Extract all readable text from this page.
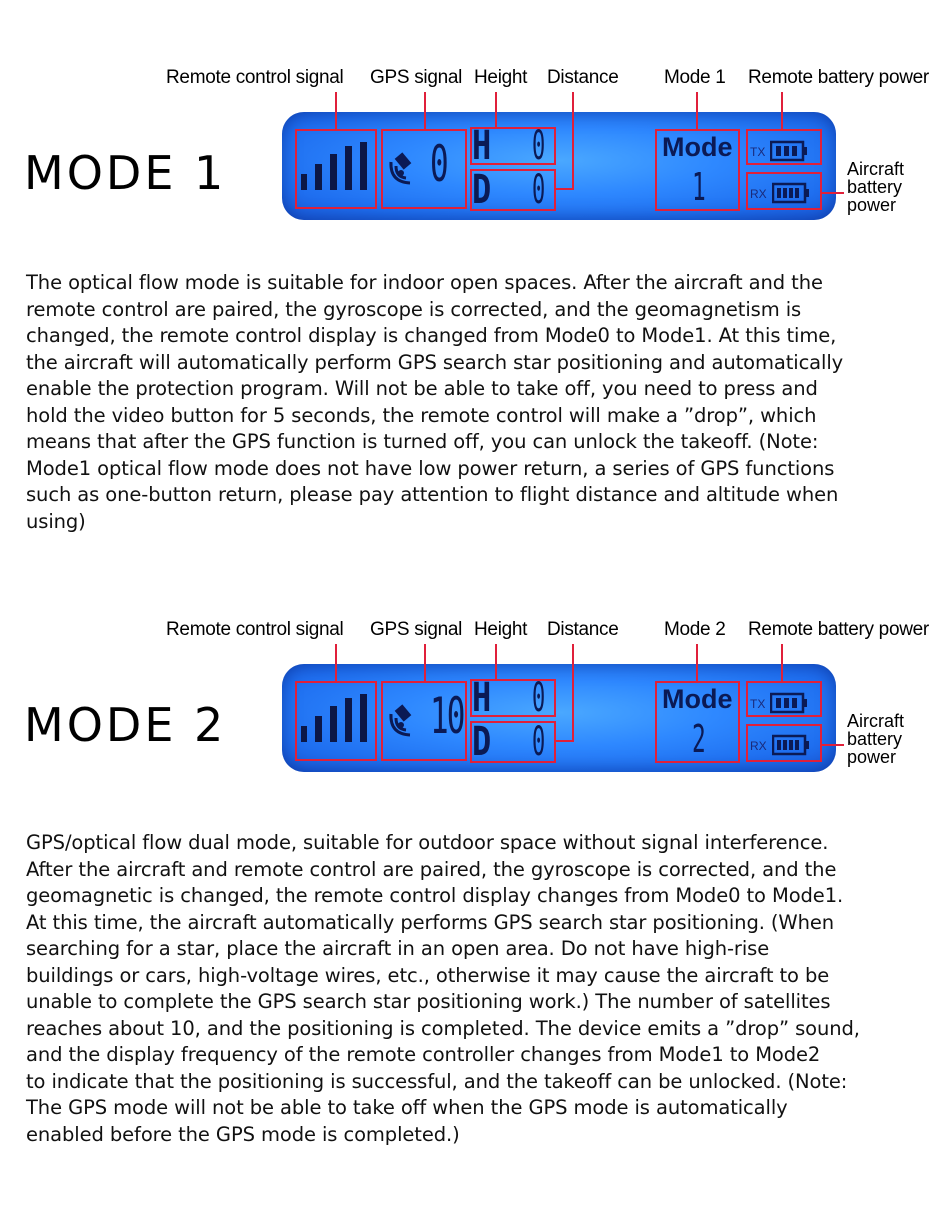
MODE 1
Remote control signal GPS signal Height Distance Mode 1 Remote battery power
Aircraft
battery
power
0 H 0
D 0
Mode
1
TX
RX
The optical flow mode is suitable for indoor open spaces. After the aircraft and the
remote control are paired, the gyroscope is corrected, and the geomagnetism is
changed, the remote control display is changed from Mode0 to Mode1. At this time,
the aircraft will automatically perform GPS search star positioning and automatically
enable the protection program. Will not be able to take off, you need to press and
hold the video button for 5 seconds, the remote control will make a ”drop”, which
means that after the GPS function is turned off, you can unlock the takeoff. (Note:
Mode1 optical flow mode does not have low power return, a series of GPS functions
such as one-button return, please pay attention to flight distance and altitude when
using)
MODE 2
Remote control signal GPS signal Height Distance Mode 2 Remote battery power
Aircraft
battery
power
10 H 0
D 0
Mode
2
TX
RX
GPS/optical flow dual mode, suitable for outdoor space without signal interference.
After the aircraft and remote control are paired, the gyroscope is corrected, and the
geomagnetic is changed, the remote control display changes from Mode0 to Mode1.
At this time, the aircraft automatically performs GPS search star positioning. (When
searching for a star, place the aircraft in an open area. Do not have high-rise
buildings or cars, high-voltage wires, etc., otherwise it may cause the aircraft to be
unable to complete the GPS search star positioning work.) The number of satellites
reaches about 10, and the positioning is completed. The device emits a ”drop” sound,
and the display frequency of the remote controller changes from Mode1 to Mode2
to indicate that the positioning is successful, and the takeoff can be unlocked. (Note:
The GPS mode will not be able to take off when the GPS mode is automatically
enabled before the GPS mode is completed.)
